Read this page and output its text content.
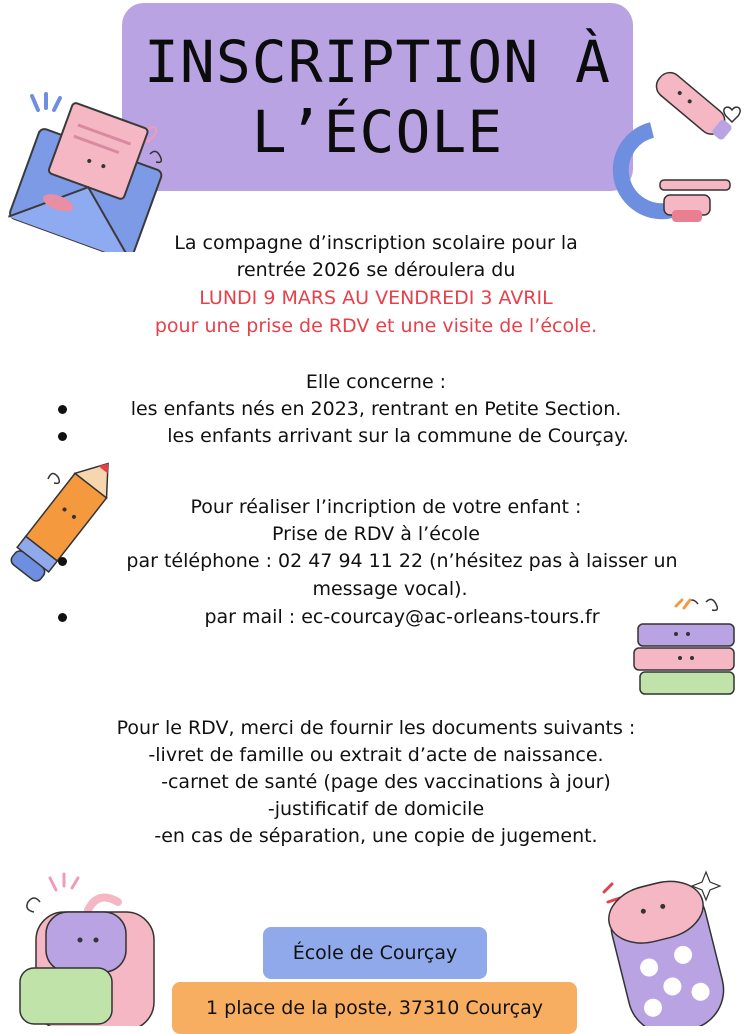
INSCRIPTION À
L’ÉCOLE
La compagne d’inscription scolaire pour la
rentrée 2026 se déroulera du
LUNDI 9 MARS AU VENDREDI 3 AVRIL
pour une prise de RDV et une visite de l’école.
Elle concerne :
les enfants nés en 2023, rentrant en Petite Section.
les enfants arrivant sur la commune de Courçay.
Pour réaliser l’incription de votre enfant :
Prise de RDV à l’école
par téléphone : 02 47 94 11 22 (n’hésitez pas à laisser un
message vocal).
par mail : ec-courcay@ac-orleans-tours.fr
Pour le RDV, merci de fournir les documents suivants :
-livret de famille ou extrait d’acte de naissance.
-carnet de santé (page des vaccinations à jour)
-justificatif de domicile
-en cas de séparation, une copie de jugement.
École de Courçay
1 place de la poste, 37310 Courçay
